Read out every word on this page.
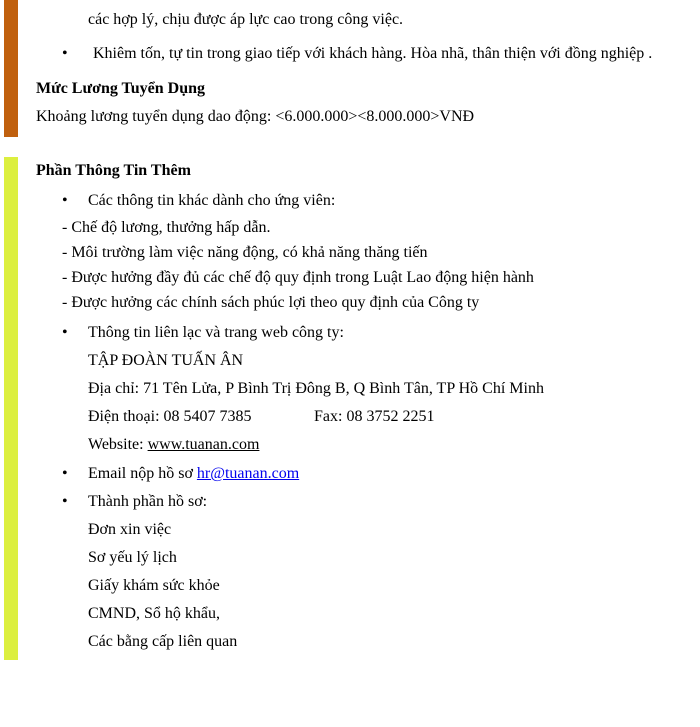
các hợp lý, chịu được áp lực cao trong công việc.
•
Khiêm tốn, tự tin trong giao tiếp với khách hàng. Hòa nhã, thân thiện với đồng nghiệp .
Mức Lương Tuyển Dụng
Khoảng lương tuyển dụng dao động: <6.000.000><8.000.000>VNĐ
Phần Thông Tin Thêm
•
Các thông tin khác dành cho ứng viên:
- Chế độ lương, thưởng hấp dẫn.
- Môi trường làm việc năng động, có khả năng thăng tiến
- Được hưởng đầy đủ các chế độ quy định trong Luật Lao động hiện hành
- Được hưởng các chính sách phúc lợi theo quy định của Công ty
•
Thông tin liên lạc và trang web công ty:
TẬP ĐOÀN TUẤN ÂN
Địa chỉ: 71 Tên Lửa, P Bình Trị Đông B, Q Bình Tân, TP Hồ Chí Minh
Điện thoại: 08 5407 7385	Fax: 08 3752 2251
Website: www.tuanan.com
•
Email nộp hồ sơ hr@tuanan.com
•
Thành phần hồ sơ:
Đơn xin việc
Sơ yếu lý lịch
Giấy khám sức khỏe
CMND, Sổ hộ khẩu,
Các bằng cấp liên quan
